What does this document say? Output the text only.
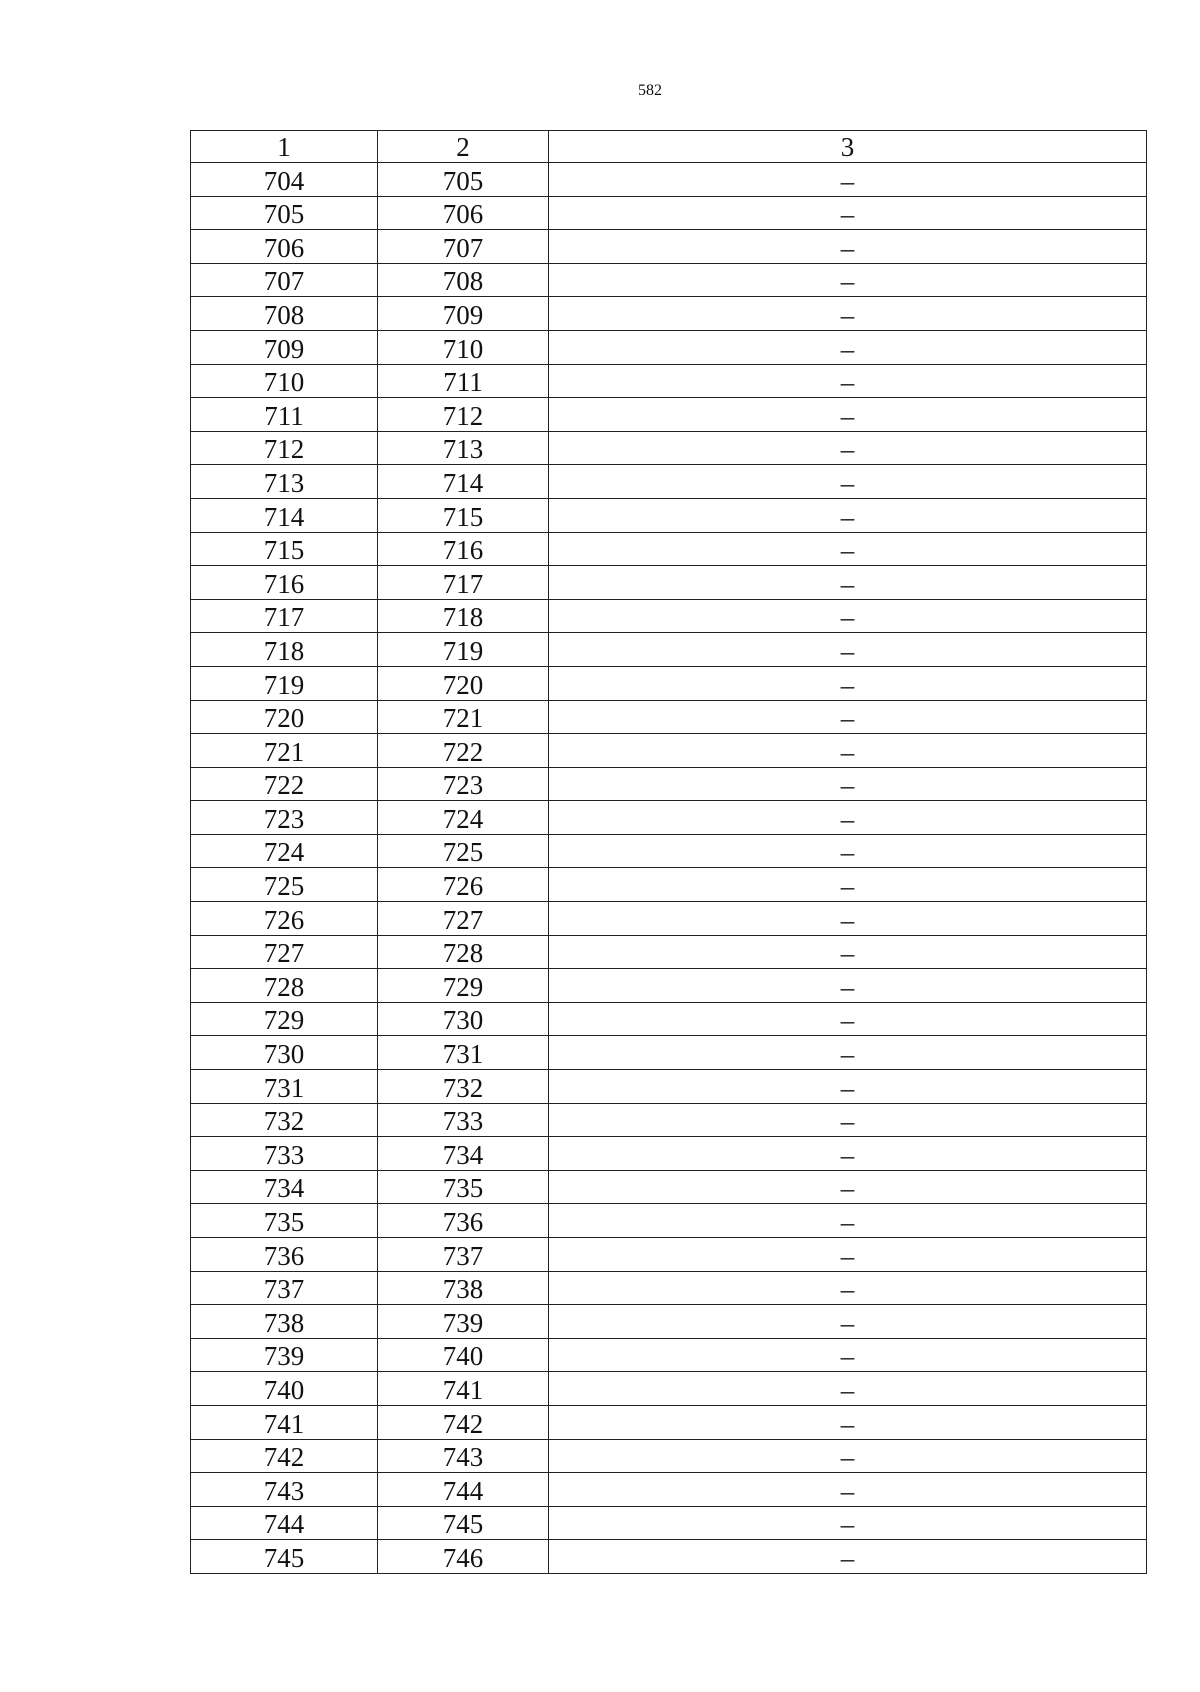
582
1	2	3
704	705	–
705	706	–
706	707	–
707	708	–
708	709	–
709	710	–
710	711	–
711	712	–
712	713	–
713	714	–
714	715	–
715	716	–
716	717	–
717	718	–
718	719	–
719	720	–
720	721	–
721	722	–
722	723	–
723	724	–
724	725	–
725	726	–
726	727	–
727	728	–
728	729	–
729	730	–
730	731	–
731	732	–
732	733	–
733	734	–
734	735	–
735	736	–
736	737	–
737	738	–
738	739	–
739	740	–
740	741	–
741	742	–
742	743	–
743	744	–
744	745	–
745	746	–
